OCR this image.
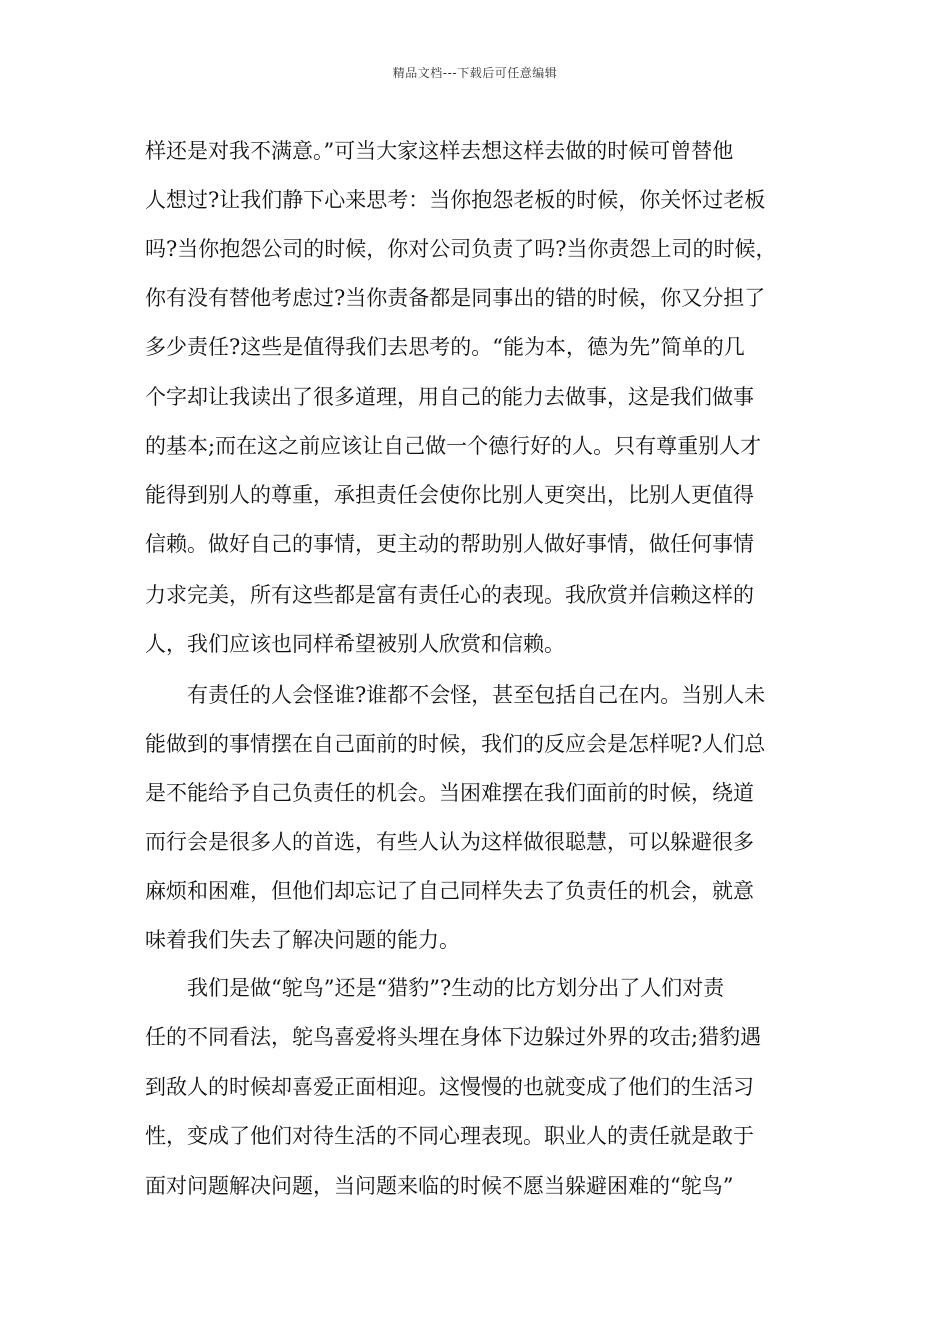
精品文档---下载后可任意编辑
样还是对我不满意。”可当大家这样去想这样去做的时候可曾替他
人想过?让我们静下心来思考：当你抱怨老板的时候，你关怀过老板
吗?当你抱怨公司的时候，你对公司负责了吗?当你责怨上司的时候，
你有没有替他考虑过?当你责备都是同事出的错的时候，你又分担了
多少责任?这些是值得我们去思考的。“能为本，德为先”简单的几
个字却让我读出了很多道理，用自己的能力去做事，这是我们做事
的基本;而在这之前应该让自己做一个德行好的人。只有尊重别人才
能得到别人的尊重，承担责任会使你比别人更突出，比别人更值得
信赖。做好自己的事情，更主动的帮助别人做好事情，做任何事情
力求完美，所有这些都是富有责任心的表现。我欣赏并信赖这样的
人，我们应该也同样希望被别人欣赏和信赖。
有责任的人会怪谁?谁都不会怪，甚至包括自己在内。当别人未
能做到的事情摆在自己面前的时候，我们的反应会是怎样呢?人们总
是不能给予自己负责任的机会。当困难摆在我们面前的时候，绕道
而行会是很多人的首选，有些人认为这样做很聪慧，可以躲避很多
麻烦和困难，但他们却忘记了自己同样失去了负责任的机会，就意
味着我们失去了解决问题的能力。
我们是做“鸵鸟”还是“猎豹”?生动的比方划分出了人们对责
任的不同看法，鸵鸟喜爱将头埋在身体下边躲过外界的攻击;猎豹遇
到敌人的时候却喜爱正面相迎。这慢慢的也就变成了他们的生活习
性，变成了他们对待生活的不同心理表现。职业人的责任就是敢于
面对问题解决问题，当问题来临的时候不愿当躲避困难的“鸵鸟”
